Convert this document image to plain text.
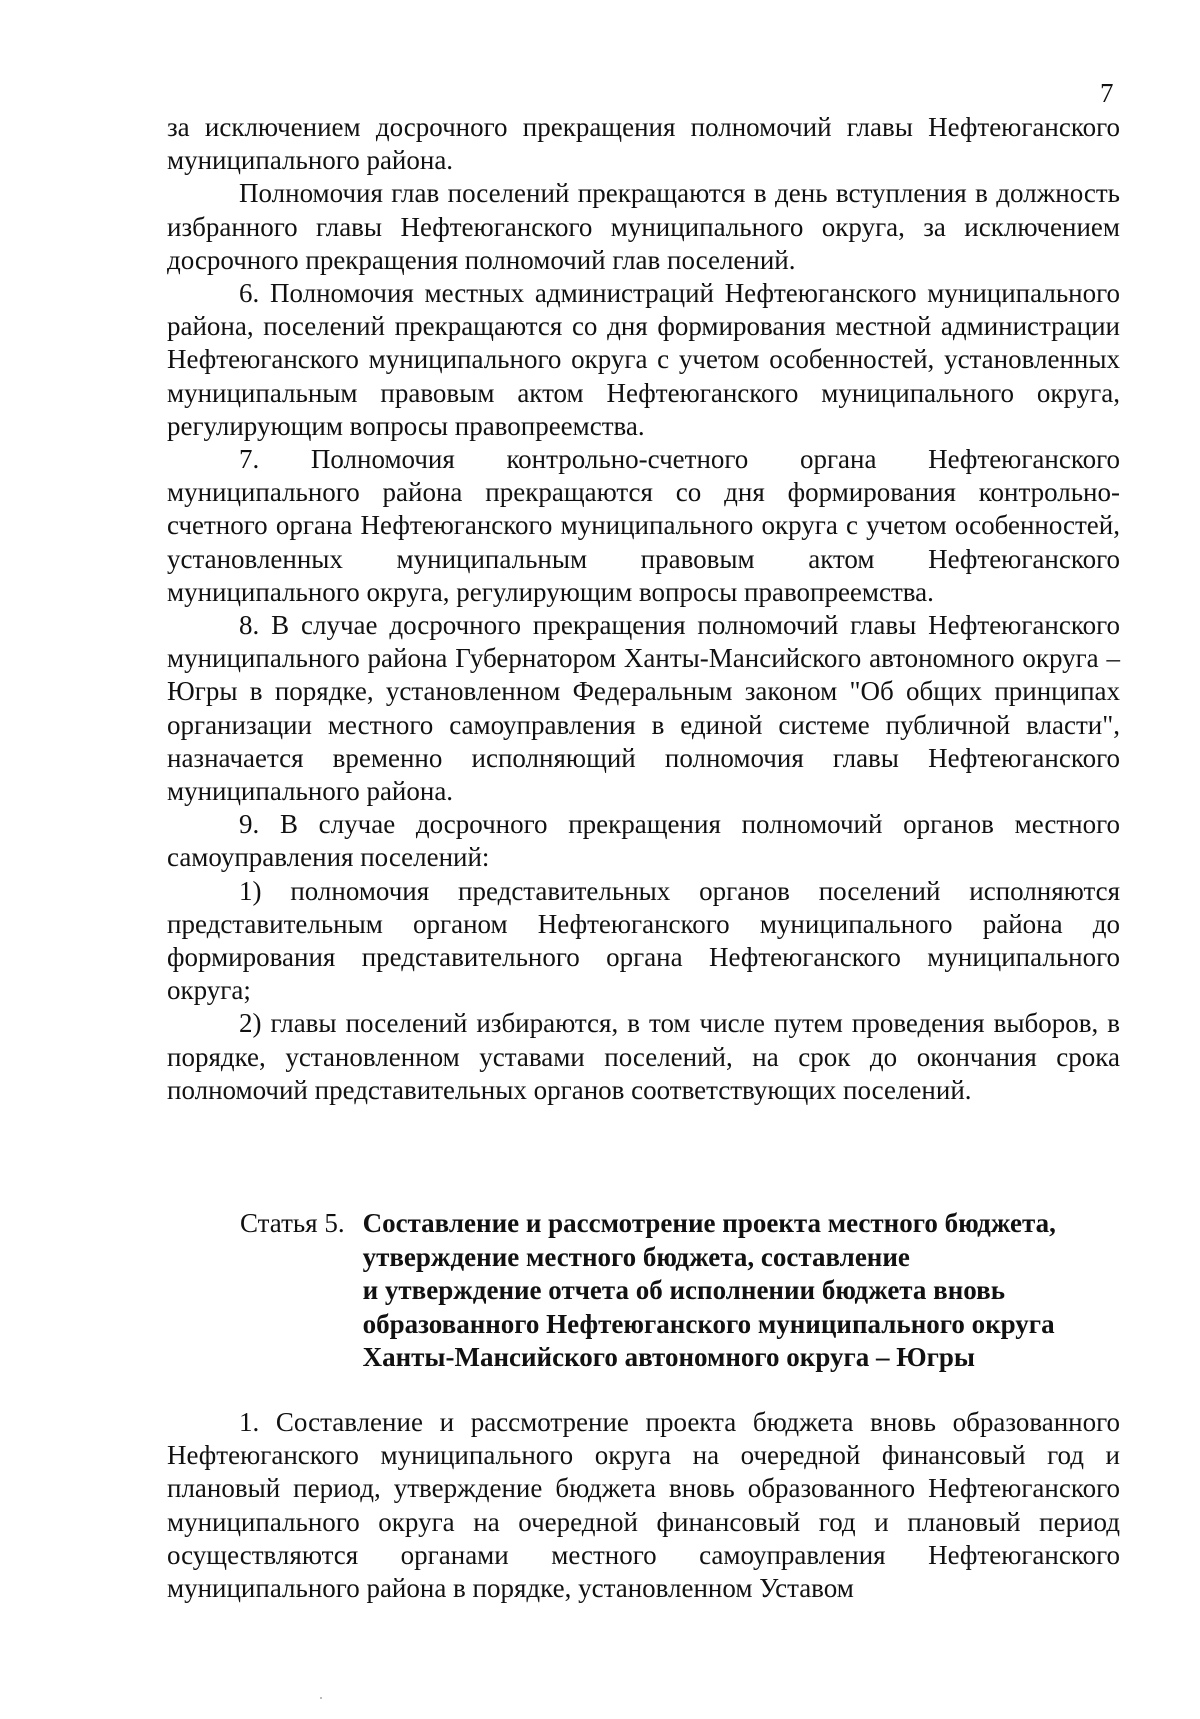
7

за исключением досрочного прекращения полномочий главы Нефтеюганского муниципального района.

Полномочия глав поселений прекращаются в день вступления в должность избранного главы Нефтеюганского муниципального округа, за исключением досрочного прекращения полномочий глав поселений.

6. Полномочия местных администраций Нефтеюганского муниципального района, поселений прекращаются со дня формирования местной администрации Нефтеюганского муниципального округа с учетом особенностей, установленных муниципальным правовым актом Нефтеюганского муниципального округа, регулирующим вопросы правопреемства.

7. Полномочия контрольно-счетного органа Нефтеюганского муниципального района прекращаются со дня формирования контрольно-счетного органа Нефтеюганского муниципального округа с учетом особенностей, установленных муниципальным правовым актом Нефтеюганского муниципального округа, регулирующим вопросы правопреемства.

8. В случае досрочного прекращения полномочий главы Нефтеюганского муниципального района Губернатором Ханты-Мансийского автономного округа – Югры в порядке, установленном Федеральным законом "Об общих принципах организации местного самоуправления в единой системе публичной власти", назначается временно исполняющий полномочия главы Нефтеюганского муниципального района.

9. В случае досрочного прекращения полномочий органов местного самоуправления поселений:

1) полномочия представительных органов поселений исполняются представительным органом Нефтеюганского муниципального района до формирования представительного органа Нефтеюганского муниципального округа;

2) главы поселений избираются, в том числе путем проведения выборов, в порядке, установленном уставами поселений, на срок до окончания срока полномочий представительных органов соответствующих поселений.

Статья 5. Составление и рассмотрение проекта местного бюджета,
утверждение местного бюджета, составление
и утверждение отчета об исполнении бюджета вновь
образованного Нефтеюганского муниципального округа
Ханты-Мансийского автономного округа – Югры

1. Составление и рассмотрение проекта бюджета вновь образованного Нефтеюганского муниципального округа на очередной финансовый год и плановый период, утверждение бюджета вновь образованного Нефтеюганского муниципального округа на очередной финансовый год и плановый период осуществляются органами местного самоуправления Нефтеюганского муниципального района в порядке, установленном Уставом
